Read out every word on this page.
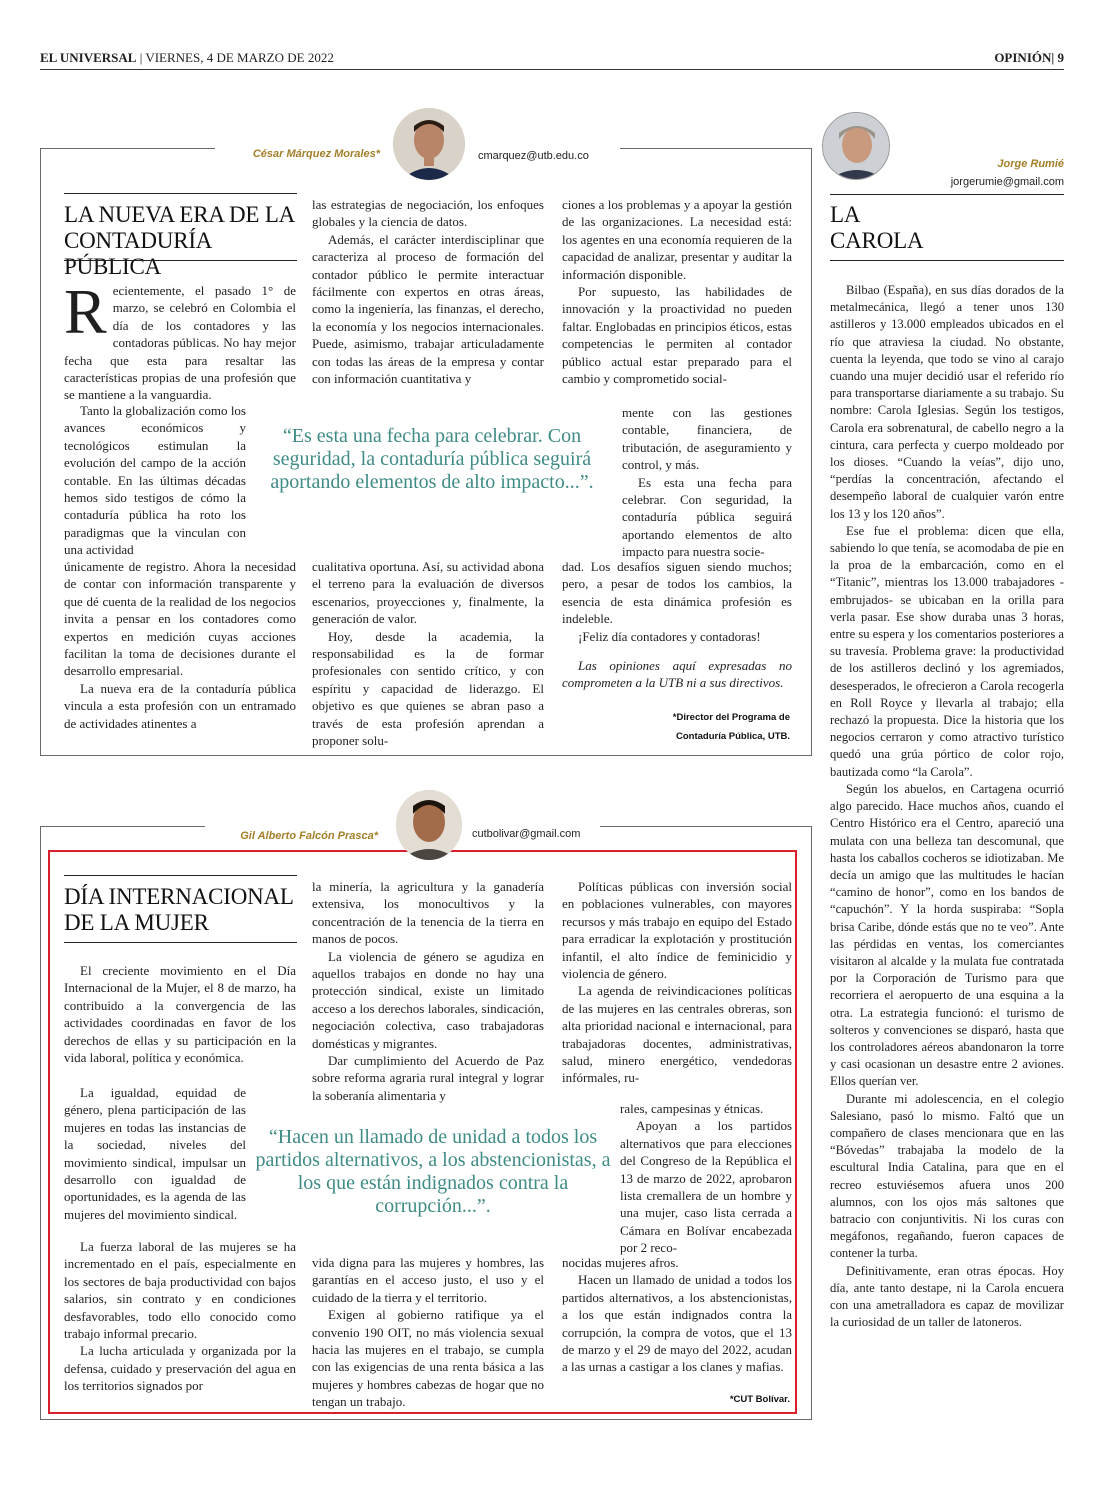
EL UNIVERSAL | VIERNES, 4 DE MARZO DE 2022	OPINIÓN| 9
César Márquez Morales*	cmarquez@utb.edu.co
LA NUEVA ERA DE LA
CONTADURÍA PÚBLICA

Recientemente, el pasado 1° de marzo, se celebró en Colombia el día de los contadores y las contadoras públicas. No hay mejor fecha que esta para resaltar las características propias de una profesión que se mantiene a la vanguardia.

Tanto la globalización como los avances económicos y tecnológicos estimulan la evolución del campo de la acción contable. En las últimas décadas hemos sido testigos de cómo la contaduría pública ha roto los paradigmas que la vinculan con una actividad

únicamente de registro. Ahora la necesidad de contar con información transparente y que dé cuenta de la realidad de los negocios invita a pensar en los contadores como expertos en medición cuyas acciones facilitan la toma de decisiones durante el desarrollo empresarial.

La nueva era de la contaduría pública vincula a esta profesión con un entramado de actividades atinentes a

las estrategias de negociación, los enfoques globales y la ciencia de datos.

Además, el carácter interdisciplinar que caracteriza al proceso de formación del contador público le permite interactuar fácilmente con expertos en otras áreas, como la ingeniería, las finanzas, el derecho, la economía y los negocios internacionales. Puede, asimismo, trabajar articuladamente con todas las áreas de la empresa y contar con información cuantitativa y

“Es esta una fecha para celebrar. Con seguridad, la contaduría pública seguirá aportando elementos de alto impacto...”.

cualitativa oportuna. Así, su actividad abona el terreno para la evaluación de diversos escenarios, proyecciones y, finalmente, la generación de valor.

Hoy, desde la academia, la responsabilidad es la de formar profesionales con sentido crítico, y con espíritu y capacidad de liderazgo. El objetivo es que quienes se abran paso a través de esta profesión aprendan a proponer solu-

ciones a los problemas y a apoyar la gestión de las organizaciones. La necesidad está: los agentes en una economía requieren de la capacidad de analizar, presentar y auditar la información disponible.

Por supuesto, las habilidades de innovación y la proactividad no pueden faltar. Englobadas en principios éticos, estas competencias le permiten al contador público actual estar preparado para el cambio y comprometido social-

mente con las gestiones contable, financiera, de tributación, de aseguramiento y control, y más.

Es esta una fecha para celebrar. Con seguridad, la contaduría pública seguirá aportando elementos de alto impacto para nuestra socie-

dad. Los desafíos siguen siendo muchos; pero, a pesar de todos los cambios, la esencia de esta dinámica profesión es indeleble.

¡Feliz día contadores y contadoras!

Las opiniones aquí expresadas no comprometen a la UTB ni a sus directivos.

*Director del Programa de
Contaduría Pública, UTB.
Gil Alberto Falcón Prasca*	cutbolivar@gmail.com
DÍA INTERNACIONAL
DE LA MUJER

El creciente movimiento en el Día Internacional de la Mujer, el 8 de marzo, ha contribuido a la convergencia de las actividades coordinadas en favor de los derechos de ellas y su participación en la vida laboral, política y económica.

La igualdad, equidad de género, plena participación de las mujeres en todas las instancias de la sociedad, niveles del movimiento sindical, impulsar un desarrollo con igualdad de oportunidades, es la agenda de las mujeres del movimiento sindical.

La fuerza laboral de las mujeres se ha incrementado en el país, especialmente en los sectores de baja productividad con bajos salarios, sin contrato y en condiciones desfavorables, todo ello conocido como trabajo informal precario.

La lucha articulada y organizada por la defensa, cuidado y preservación del agua en los territorios signados por

la minería, la agricultura y la ganadería extensiva, los monocultivos y la concentración de la tenencia de la tierra en manos de pocos.

La violencia de género se agudiza en aquellos trabajos en donde no hay una protección sindical, existe un limitado acceso a los derechos laborales, sindicación, negociación colectiva, caso trabajadoras domésticas y migrantes.

Dar cumplimiento del Acuerdo de Paz sobre reforma agraria rural integral y lograr la soberanía alimentaria y

“Hacen un llamado de unidad a todos los partidos alternativos, a los abstencionistas, a los que están indignados contra la corrupción...”.

vida digna para las mujeres y hombres, las garantías en el acceso justo, el uso y el cuidado de la tierra y el territorio.

Exigen al gobierno ratifique ya el convenio 190 OIT, no más violencia sexual hacia las mujeres en el trabajo, se cumpla con las exigencias de una renta básica a las mujeres y hombres cabezas de hogar que no tengan un trabajo.

Políticas públicas con inversión social en poblaciones vulnerables, con mayores recursos y más trabajo en equipo del Estado para erradicar la explotación y prostitución infantil, el alto índice de feminicidio y violencia de género.

La agenda de reivindicaciones políticas de las mujeres en las centrales obreras, son alta prioridad nacional e internacional, para trabajadoras docentes, administrativas, salud, minero energético, vendedoras infórmales, ru-

rales, campesinas y étnicas.

Apoyan a los partidos alternativos que para elecciones del Congreso de la República el 13 de marzo de 2022, aprobaron lista cremallera de un hombre y una mujer, caso lista cerrada a Cámara en Bolívar encabezada por 2 reco-

nocidas mujeres afros.

Hacen un llamado de unidad a todos los partidos alternativos, a los abstencionistas, a los que están indignados contra la corrupción, la compra de votos, que el 13 de marzo y el 29 de mayo del 2022, acudan a las urnas a castigar a los clanes y mafias.

*CUT Bolívar.
Jorge Rumié
jorgerumie@gmail.com
LA
CAROLA

Bilbao (España), en sus días dorados de la metalmecánica, llegó a tener unos 130 astilleros y 13.000 empleados ubicados en el río que atraviesa la ciudad. No obstante, cuenta la leyenda, que todo se vino al carajo cuando una mujer decidió usar el referido río para transportarse diariamente a su trabajo. Su nombre: Carola Iglesias. Según los testigos, Carola era sobrenatural, de cabello negro a la cintura, cara perfecta y cuerpo moldeado por los dioses. “Cuando la veías”, dijo uno, “perdías la concentración, afectando el desempeño laboral de cualquier varón entre los 13 y los 120 años”.

Ese fue el problema: dicen que ella, sabiendo lo que tenía, se acomodaba de pie en la proa de la embarcación, como en el “Titanic”, mientras los 13.000 trabajadores -embrujados- se ubicaban en la orilla para verla pasar. Ese show duraba unas 3 horas, entre su espera y los comentarios posteriores a su travesía. Problema grave: la productividad de los astilleros declinó y los agremiados, desesperados, le ofrecieron a Carola recogerla en Roll Royce y llevarla al trabajo; ella rechazó la propuesta. Dice la historia que los negocios cerraron y como atractivo turístico quedó una grúa pórtico de color rojo, bautizada como “la Carola”.

Según los abuelos, en Cartagena ocurrió algo parecido. Hace muchos años, cuando el Centro Histórico era el Centro, apareció una mulata con una belleza tan descomunal, que hasta los caballos cocheros se idiotizaban. Me decía un amigo que las multitudes le hacían “camino de honor”, como en los bandos de “capuchón”. Y la horda suspiraba: “Sopla brisa Caribe, dónde estás que no te veo”. Ante las pérdidas en ventas, los comerciantes visitaron al alcalde y la mulata fue contratada por la Corporación de Turismo para que recorriera el aeropuerto de una esquina a la otra. La estrategia funcionó: el turismo de solteros y convenciones se disparó, hasta que los controladores aéreos abandonaron la torre y casi ocasionan un desastre entre 2 aviones. Ellos querían ver.

Durante mi adolescencia, en el colegio Salesiano, pasó lo mismo. Faltó que un compañero de clases mencionara que en las “Bóvedas” trabajaba la modelo de la escultural India Catalina, para que en el recreo estuviésemos afuera unos 200 alumnos, con los ojos más saltones que batracio con conjuntivitis. Ni los curas con megáfonos, regañando, fueron capaces de contener la turba.

Definitivamente, eran otras épocas. Hoy día, ante tanto destape, ni la Carola encuera con una ametralladora es capaz de movilizar la curiosidad de un taller de latoneros.
